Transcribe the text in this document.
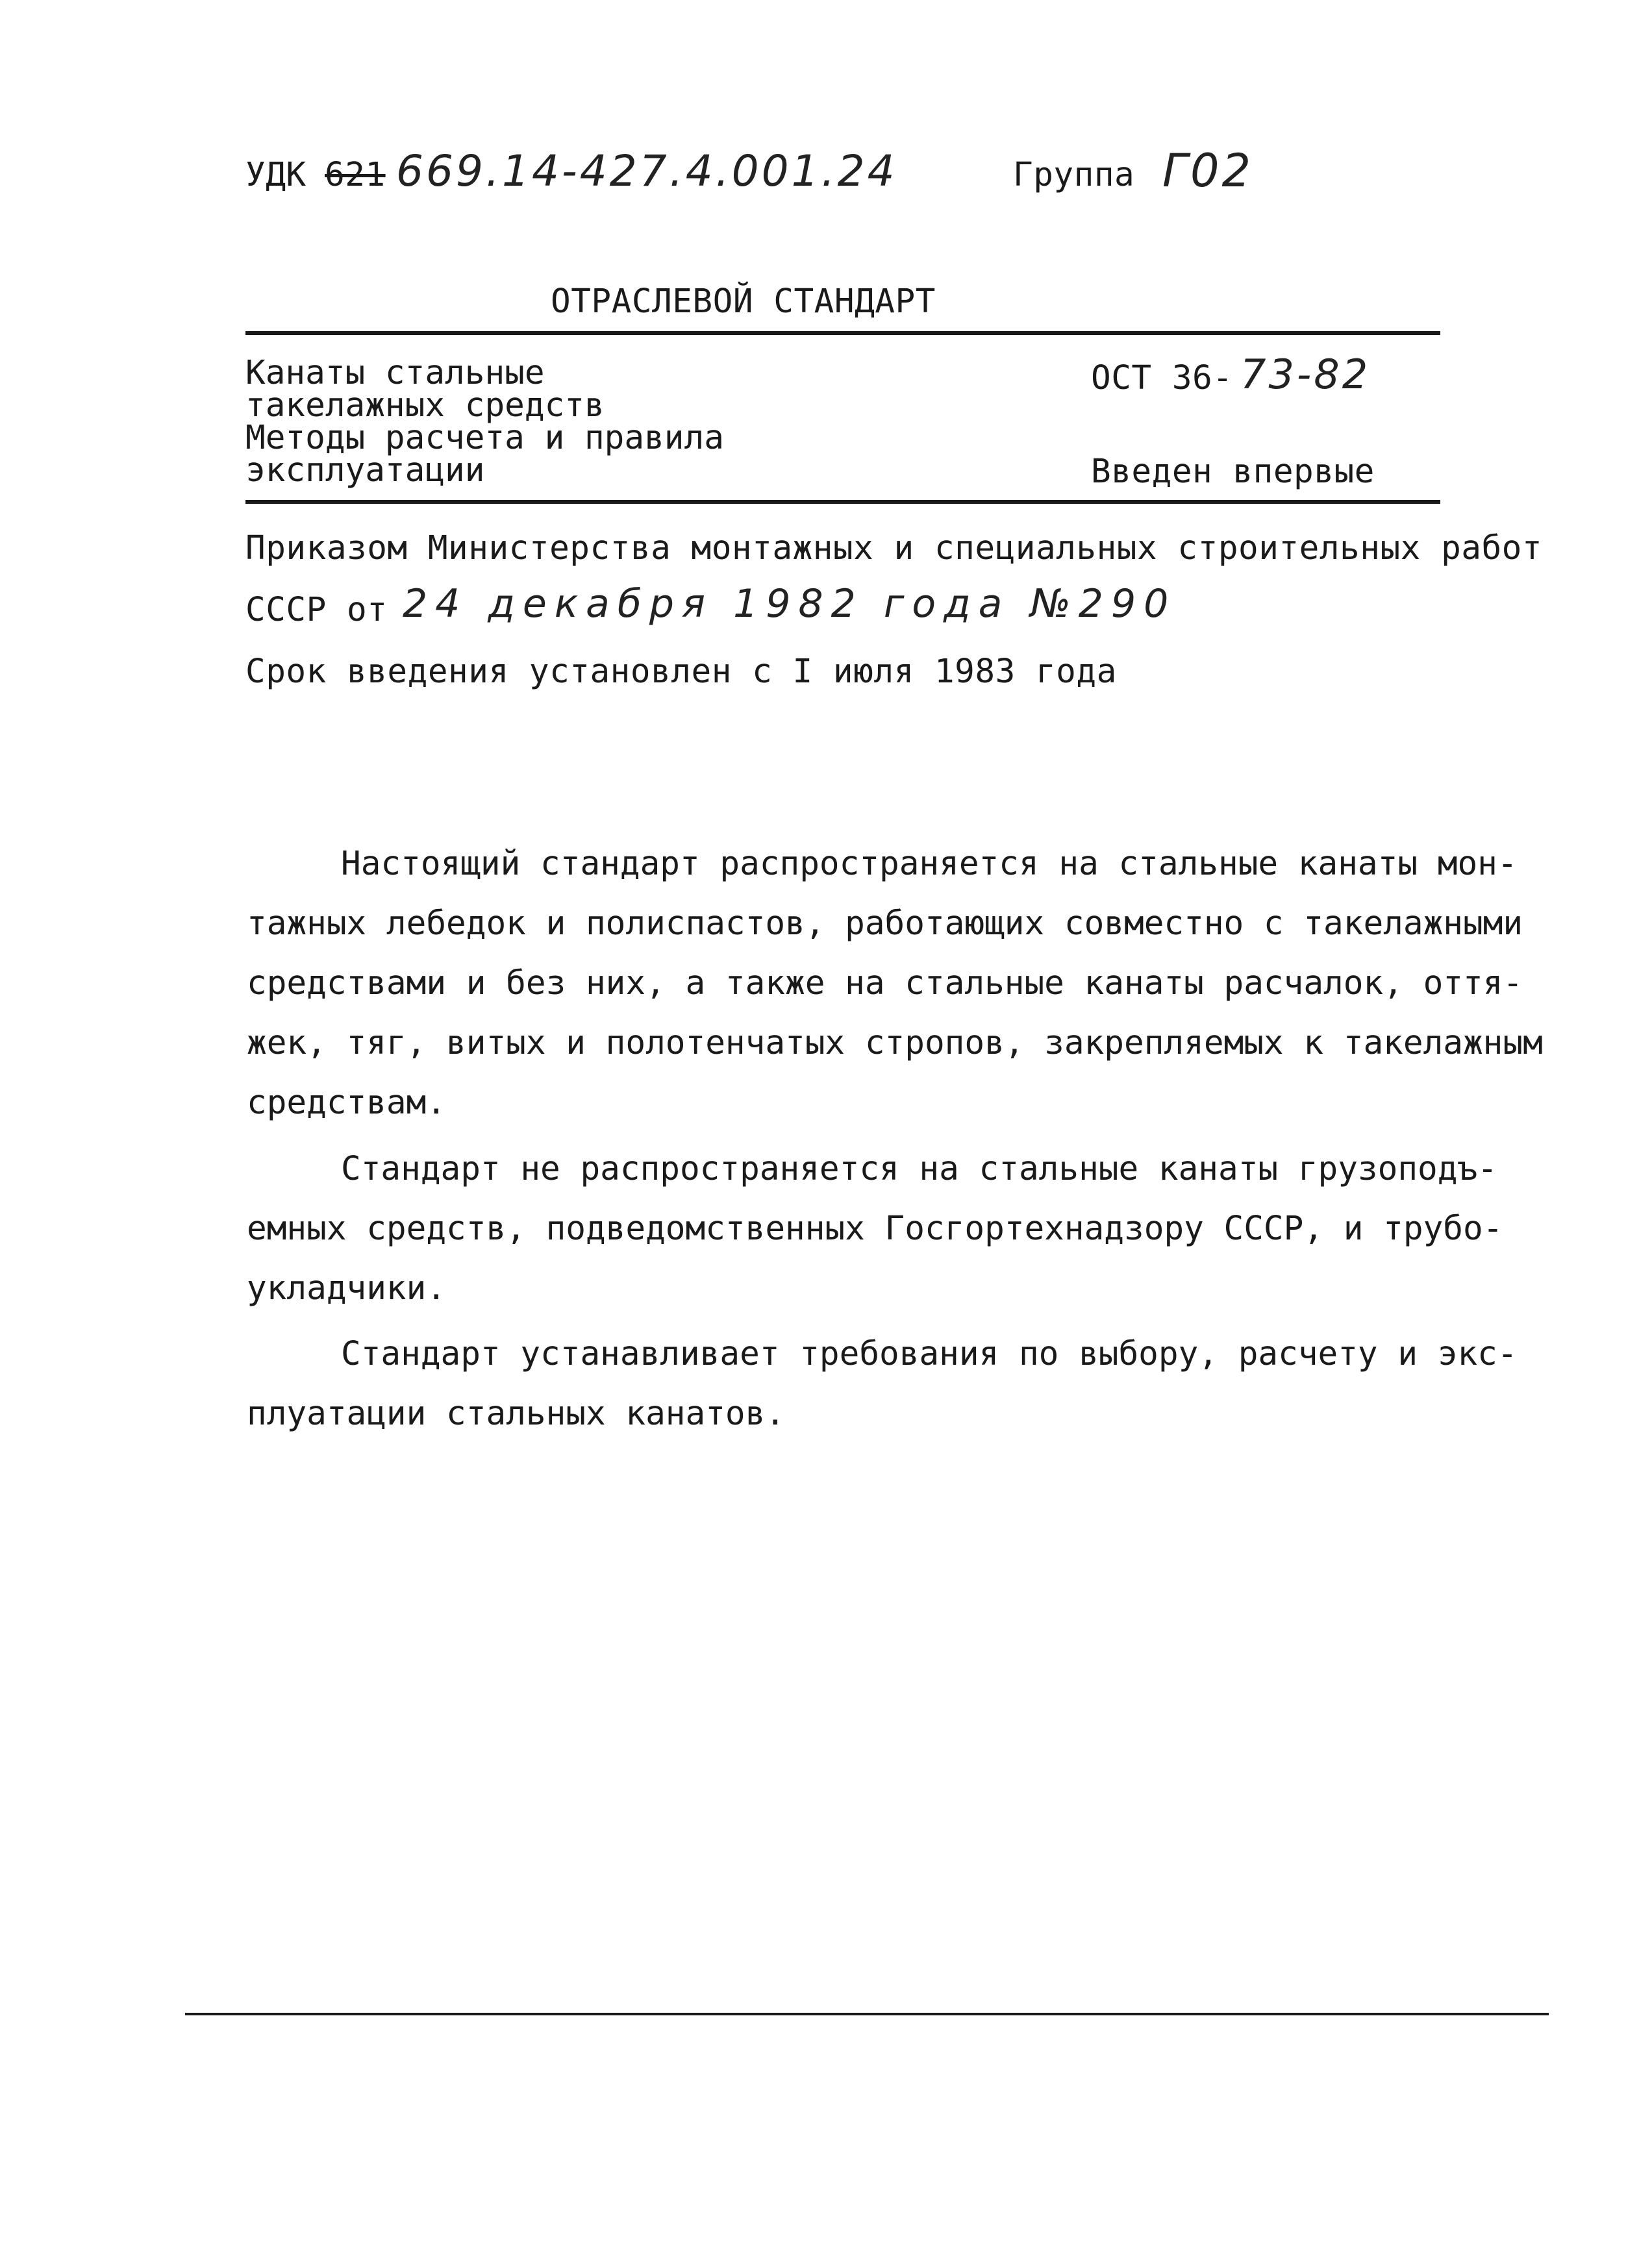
УДК 621 669.14-427.4.001.24	Группа Г02
ОТРАСЛЕВОЙ СТАНДАРТ
Канаты стальные
такелажных средств
Методы расчета и правила
эксплуатации
ОСТ 36- 73-82
Введен впервые
Приказом Министерства монтажных и специальных строительных работ
СССР от 24 декабря 1982 года №290
Срок введения установлен с I июля 1983 года
Настоящий стандарт распространяется на стальные канаты мон-
тажных лебедок и полиспастов, работающих совместно с такелажными
средствами и без них, а также на стальные канаты расчалок, оття-
жек, тяг, витых и полотенчатых стропов, закрепляемых к такелажным
средствам.
Стандарт не распространяется на стальные канаты грузоподъ-
емных средств, подведомственных Госгортехнадзору СССР, и трубо-
укладчики.
Стандарт устанавливает требования по выбору, расчету и экс-
плуатации стальных канатов.
